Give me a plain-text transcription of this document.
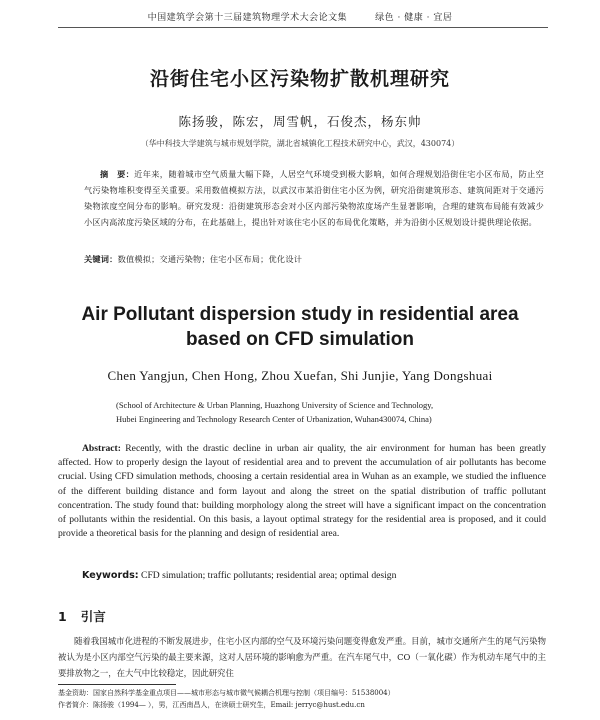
中国建筑学会第十三届建筑物理学术大会论文集	绿色 · 健康 · 宜居
沿街住宅小区污染物扩散机理研究
陈扬骏，陈宏，周雪帆，石俊杰，杨东帅
（华中科技大学建筑与城市规划学院，湖北省城镇化工程技术研究中心，武汉，430074）
摘　要：近年来，随着城市空气质量大幅下降，人居空气环境受到极大影响，如何合理规划沿街住宅小区布局，防止空气污染物堆积变得至关重要。采用数值模拟方法，以武汉市某沿街住宅小区为例，研究沿街建筑形态、建筑间距对于交通污染物浓度空间分布的影响。研究发现：沿街建筑形态会对小区内部污染物浓度场产生显著影响，合理的建筑布局能有效减少小区内高浓度污染区域的分布，在此基础上，提出针对该住宅小区的布局优化策略，并为沿街小区规划设计提供理论依据。
关键词：数值模拟；交通污染物；住宅小区布局；优化设计
Air Pollutant dispersion study in residential area
based on CFD simulation
Chen Yangjun, Chen Hong, Zhou Xuefan, Shi Junjie, Yang Dongshuai
(School of Architecture & Urban Planning, Huazhong University of Science and Technology,
Hubei Engineering and Technology Research Center of Urbanization, Wuhan430074, China)
Abstract: Recently, with the drastic decline in urban air quality, the air environment for human has been greatly affected. How to properly design the layout of residential area and to prevent the accumulation of air pollutants has become crucial. Using CFD simulation methods, choosing a certain residential area in Wuhan as an example, we studied the influence of the different building distance and form layout and along the street on the spatial distribution of traffic pollutant concentration. The study found that: building morphology along the street will have a significant impact on the concentration of pollutants within the residential. On this basis, a layout optimal strategy for the residential area is proposed, and it could provide a theoretical basis for the planning and design of residential area.
Keywords: CFD simulation; traffic pollutants; residential area; optimal design
1 引言
随着我国城市化进程的不断发展进步，住宅小区内部的空气及环境污染问题变得愈发严重。目前，城市交通所产生的尾气污染物被认为是小区内部空气污染的最主要来源，这对人居环境的影响愈为严重。在汽车尾气中，CO（一氧化碳）作为机动车尾气中的主要排放物之一，在大气中比较稳定，因此研究住
基金资助：国家自然科学基金重点项目——城市形态与城市微气候耦合机理与控制（项目编号：51538004）
作者简介：陈扬骏（1994— ），男，江西南昌人，在读硕士研究生，Email: jerryc@hust.edu.cn
